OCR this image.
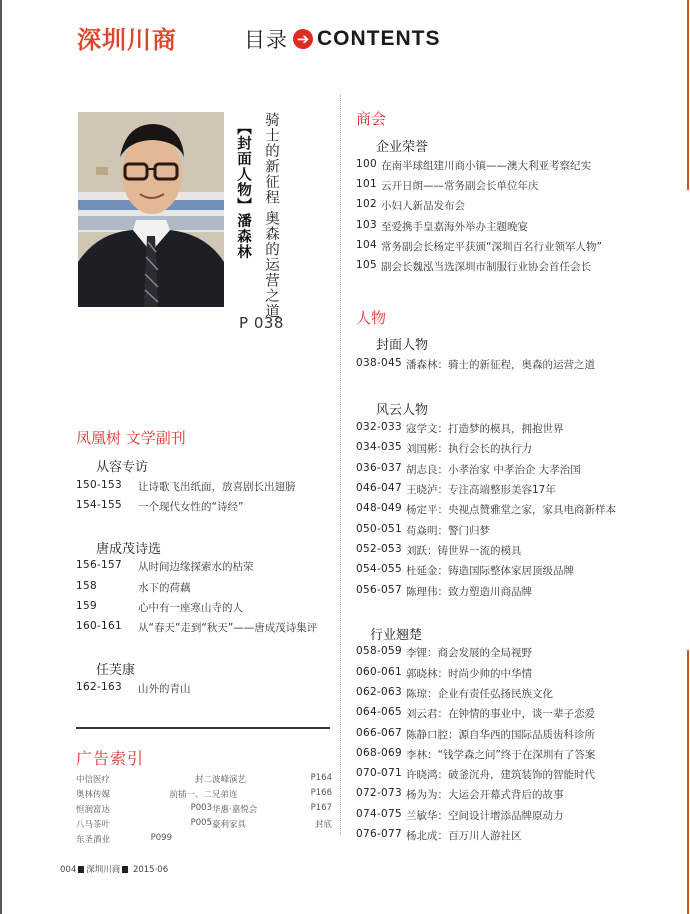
深圳川商	目录 ➔ CONTENTS
【封面人物】潘森林 骑士的新征程 奥森的运营之道
P 038
商会
企业荣誉
100 在南半球组建川商小镇——澳大利亚考察纪实
101 云开日朗——常务副会长单位年庆
102 小妇人新品发布会
103 至爱携手皇嘉海外举办主题晚宴
104 常务副会长杨定平获颁“深圳百名行业领军人物”
105 副会长魏泓当选深圳市制服行业协会首任会长
人物
封面人物
038-045 潘森林：骑士的新征程，奥森的运营之道
风云人物
032-033 寇学文：打造梦的模具，拥抱世界
034-035 刘国彬：执行会长的执行力
036-037 胡志良：小孝治家 中孝治企 大孝治国
046-047 王晓泸：专注高端整形美容17年
048-049 杨定平：央视点赞雅堂之家，家具电商新样本
050-051 苟焱明：警门归梦
052-053 刘跃：铸世界一流的模具
054-055 杜延金：铸造国际整体家居顶级品牌
056-057 陈理伟：致力塑造川商品牌
行业翘楚
058-059 李锂：商会发展的全局视野
060-061 郭晓林：时尚少帅的中华情
062-063 陈琼：企业有责任弘扬民族文化
064-065 刘云君：在钟情的事业中，谈一辈子恋爱
066-067 陈静口腔：源自华西的国际品质齿科诊所
068-069 李林：“钱学森之问”终于在深圳有了答案
070-071 许晓鸿：破釜沉舟，建筑装饰的智能时代
072-073 杨为为：大运会开幕式背后的故事
074-075 兰敏华：空间设计增添品牌原动力
076-077 杨北成：百万川人游社区
凤凰树 文学副刊
从容专访
150-153	让诗歌飞出纸面，放喜剧长出翅膀
154-155	一个现代女性的“诗经”
唐成茂诗选
156-157	从时间边缘探索水的枯荣
158	水下的荷藕
159	心中有一座寒山寺的人
160-161	从“春天”走到“秋天”——唐成茂诗集评
任芙康
162-163	山外的青山
广告索引
中信医疗	封二
奥林传媒	前插一、二
恒润富达	P003
八马茶叶	P005
东圣酒业	P099
波峰演艺	P164
兄弟连	P166
华惠·嘉悦会	P167
豪利家具	封底
004 深圳川商 2015·06
